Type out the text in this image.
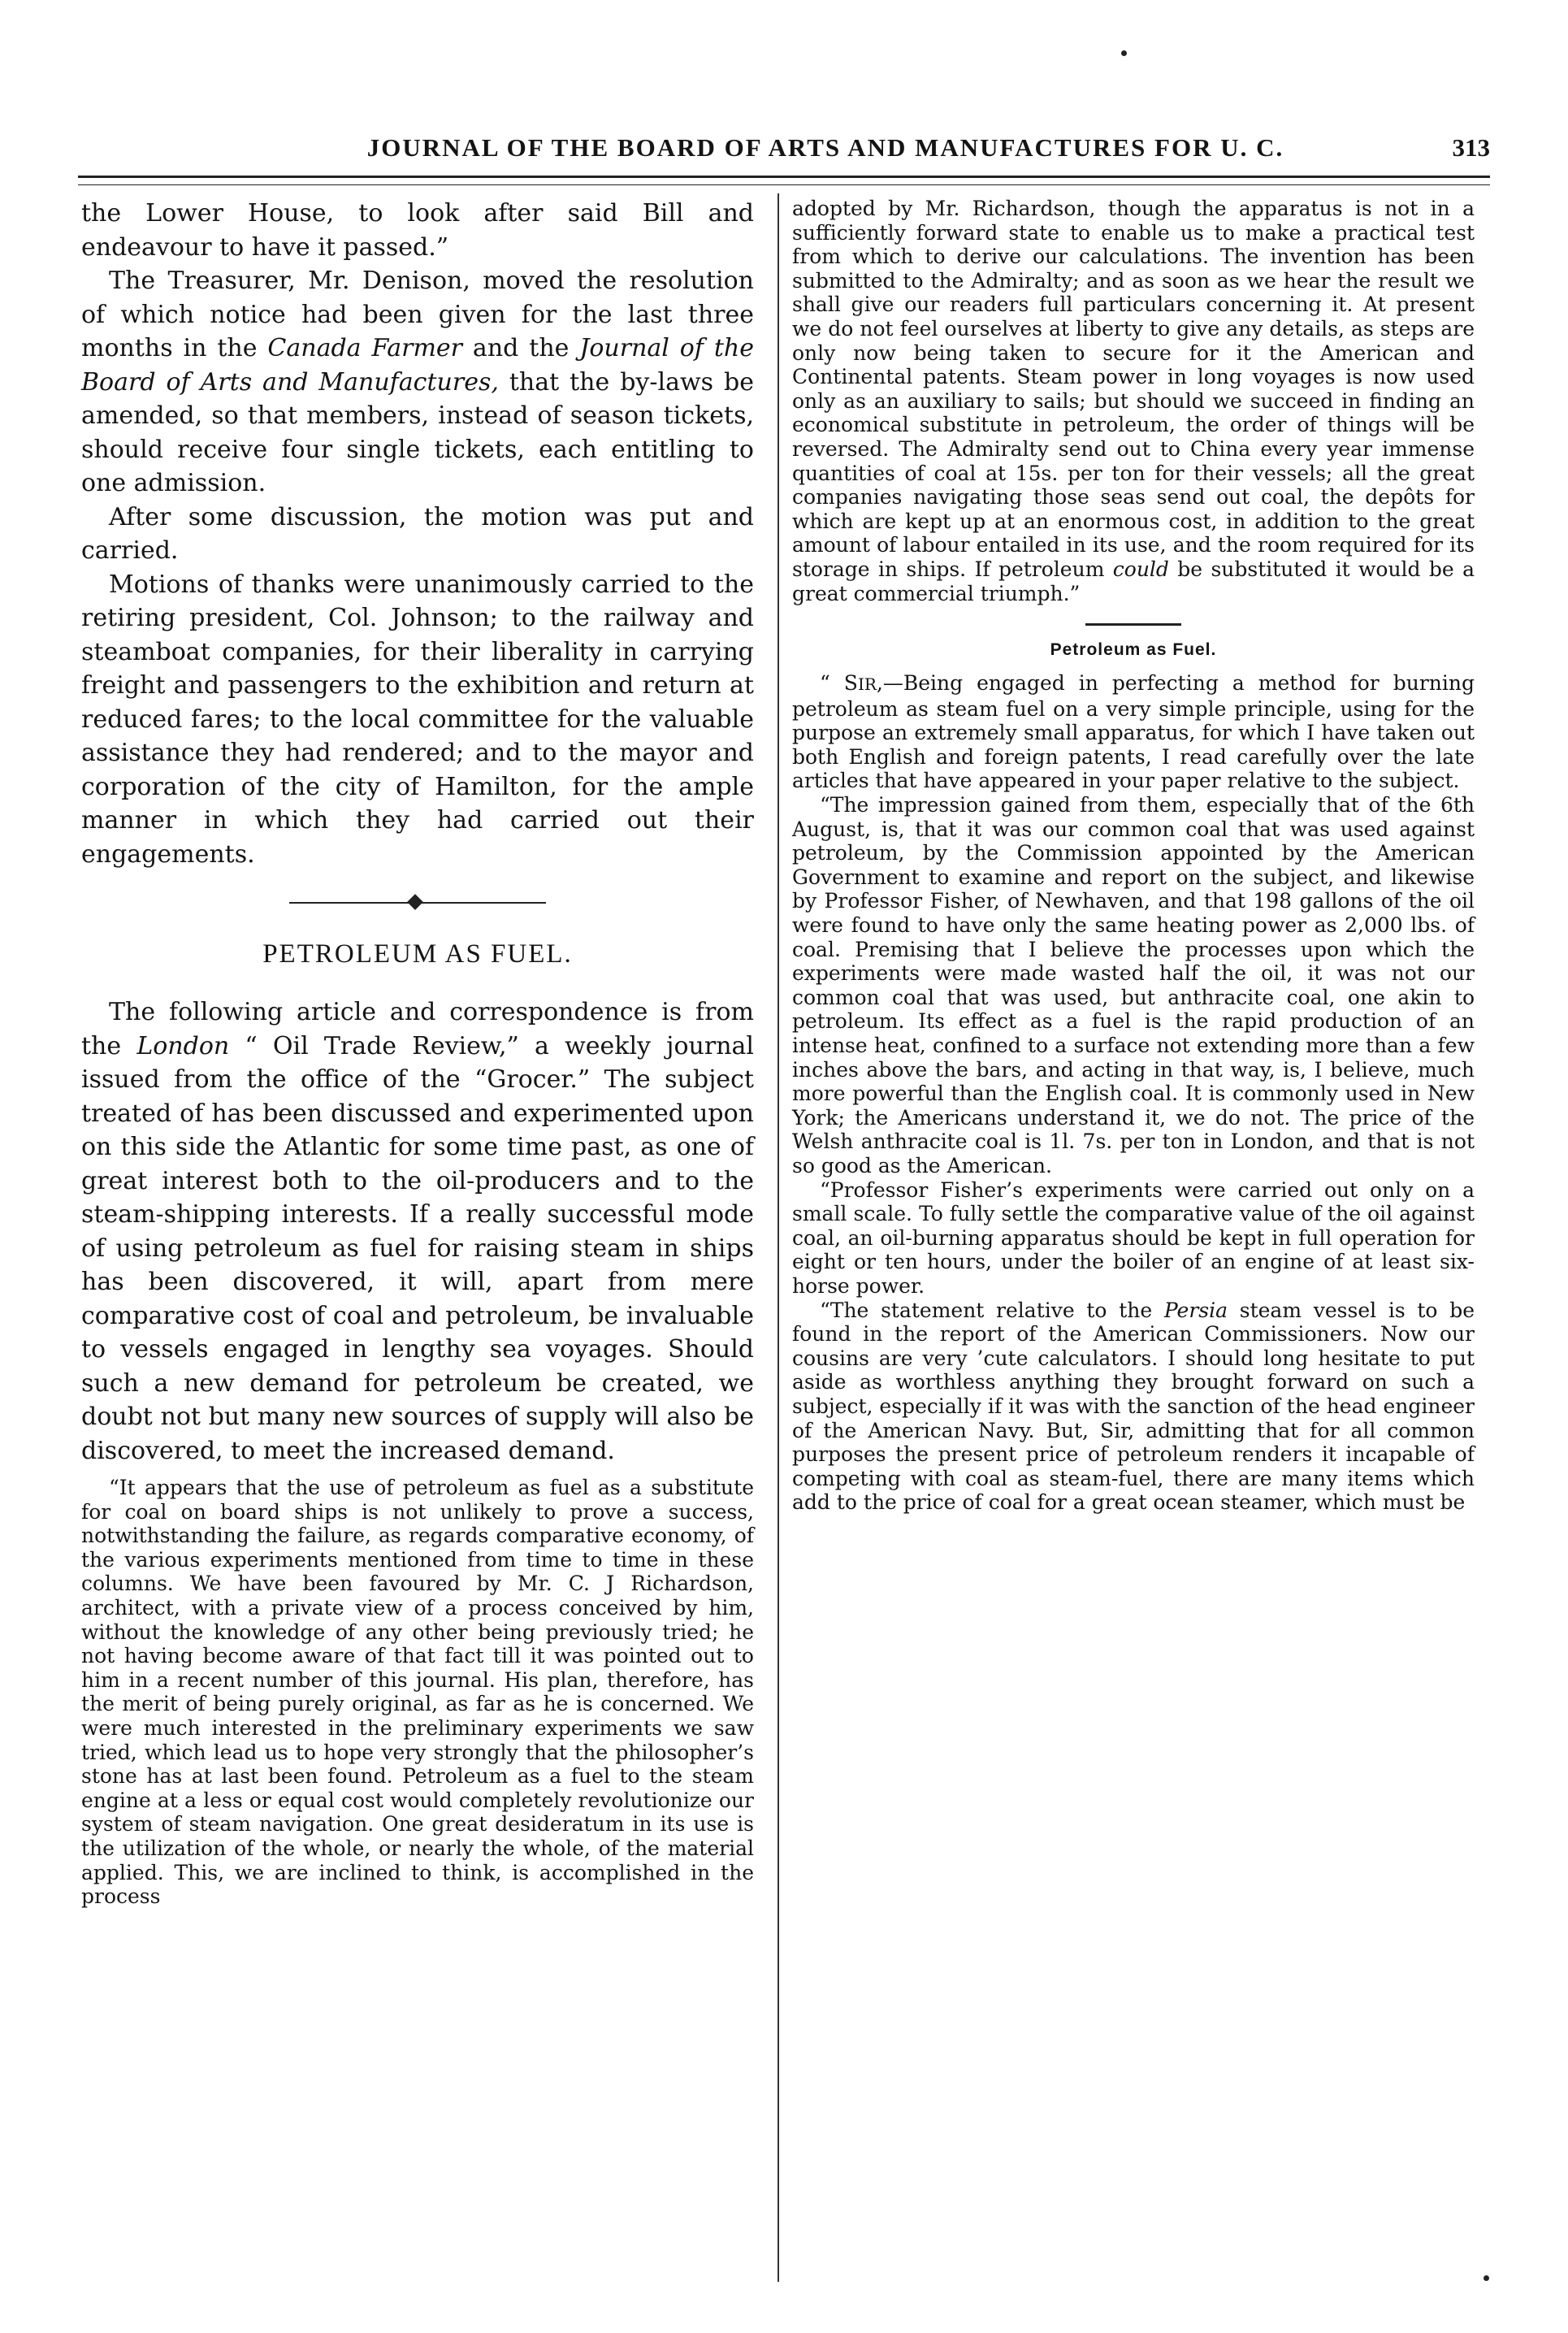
JOURNAL OF THE BOARD OF ARTS AND MANUFACTURES FOR U. C.	313

the Lower House, to look after said Bill and endeavour to have it passed.”

The Treasurer, Mr. Denison, moved the resolution of which notice had been given for the last three months in the Canada Farmer and the Journal of the Board of Arts and Manufactures, that the by-laws be amended, so that members, instead of season tickets, should receive four single tickets, each entitling to one admission.

After some discussion, the motion was put and carried.

Motions of thanks were unanimously carried to the retiring president, Col. Johnson; to the railway and steamboat companies, for their liberality in carrying freight and passengers to the exhibition and return at reduced fares; to the local committee for the valuable assistance they had rendered; and to the mayor and corporation of the city of Hamilton, for the ample manner in which they had carried out their engagements.

PETROLEUM AS FUEL.

The following article and correspondence is from the London “ Oil Trade Review,” a weekly journal issued from the office of the “Grocer.” The subject treated of has been discussed and experimented upon on this side the Atlantic for some time past, as one of great interest both to the oil-producers and to the steam-shipping interests. If a really successful mode of using petroleum as fuel for raising steam in ships has been discovered, it will, apart from mere comparative cost of coal and petroleum, be invaluable to vessels engaged in lengthy sea voyages. Should such a new demand for petroleum be created, we doubt not but many new sources of supply will also be discovered, to meet the increased demand.

“It appears that the use of petroleum as fuel as a substitute for coal on board ships is not unlikely to prove a success, notwithstanding the failure, as regards comparative economy, of the various experiments mentioned from time to time in these columns. We have been favoured by Mr. C. J Richardson, architect, with a private view of a process conceived by him, without the knowledge of any other being previously tried; he not having become aware of that fact till it was pointed out to him in a recent number of this journal. His plan, therefore, has the merit of being purely original, as far as he is concerned. We were much interested in the preliminary experiments we saw tried, which lead us to hope very strongly that the philosopher’s stone has at last been found. Petroleum as a fuel to the steam engine at a less or equal cost would completely revolutionize our system of steam navigation. One great desideratum in its use is the utilization of the whole, or nearly the whole, of the material applied. This, we are inclined to think, is accomplished in the process

adopted by Mr. Richardson, though the apparatus is not in a sufficiently forward state to enable us to make a practical test from which to derive our calculations. The invention has been submitted to the Admiralty; and as soon as we hear the result we shall give our readers full particulars concerning it. At present we do not feel ourselves at liberty to give any details, as steps are only now being taken to secure for it the American and Continental patents. Steam power in long voyages is now used only as an auxiliary to sails; but should we succeed in finding an economical substitute in petroleum, the order of things will be reversed. The Admiralty send out to China every year immense quantities of coal at 15s. per ton for their vessels; all the great companies navigating those seas send out coal, the depôts for which are kept up at an enormous cost, in addition to the great amount of labour entailed in its use, and the room required for its storage in ships. If petroleum could be substituted it would be a great commercial triumph.”

Petroleum as Fuel.

“ SIR,—Being engaged in perfecting a method for burning petroleum as steam fuel on a very simple principle, using for the purpose an extremely small apparatus, for which I have taken out both English and foreign patents, I read carefully over the late articles that have appeared in your paper relative to the subject.

“The impression gained from them, especially that of the 6th August, is, that it was our common coal that was used against petroleum, by the Commission appointed by the American Government to examine and report on the subject, and likewise by Professor Fisher, of Newhaven, and that 198 gallons of the oil were found to have only the same heating power as 2,000 lbs. of coal. Premising that I believe the processes upon which the experiments were made wasted half the oil, it was not our common coal that was used, but anthracite coal, one akin to petroleum. Its effect as a fuel is the rapid production of an intense heat, confined to a surface not extending more than a few inches above the bars, and acting in that way, is, I believe, much more powerful than the English coal. It is commonly used in New York; the Americans understand it, we do not. The price of the Welsh anthracite coal is 1l. 7s. per ton in London, and that is not so good as the American.

“Professor Fisher’s experiments were carried out only on a small scale. To fully settle the comparative value of the oil against coal, an oil-burning apparatus should be kept in full operation for eight or ten hours, under the boiler of an engine of at least six-horse power.

“The statement relative to the Persia steam vessel is to be found in the report of the American Commissioners. Now our cousins are very ’cute calculators. I should long hesitate to put aside as worthless anything they brought forward on such a subject, especially if it was with the sanction of the head engineer of the American Navy. But, Sir, admitting that for all common purposes the present price of petroleum renders it incapable of competing with coal as steam-fuel, there are many items which add to the price of coal for a great ocean steamer, which must be
